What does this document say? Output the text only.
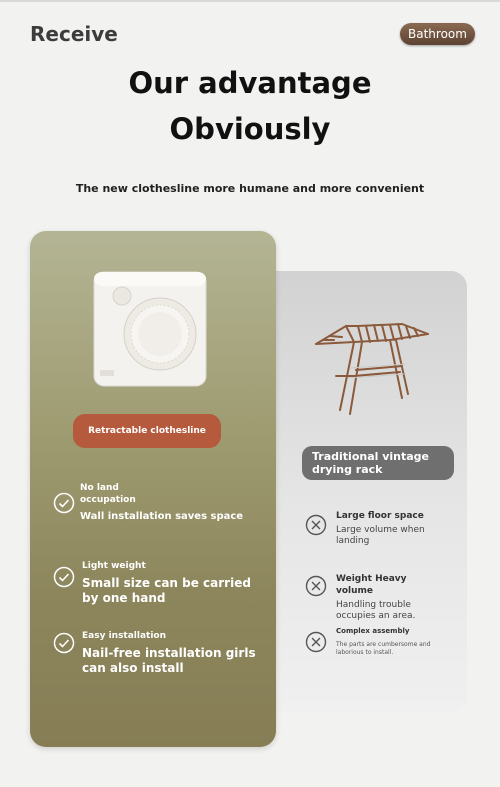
Receive	Bathroom
Our advantage
Obviously
The new clothesline more humane and more convenient
Traditional vintage drying rack
Large floor space
Large volume when landing
Weight Heavy volume
Handling trouble occupies an area.
Complex assembly
The parts are cumbersome and laborious to install.
Retractable clothesline
No land occupation
Wall installation saves space
Light weight
Small size can be carried by one hand
Easy installation
Nail-free installation girls can also install
